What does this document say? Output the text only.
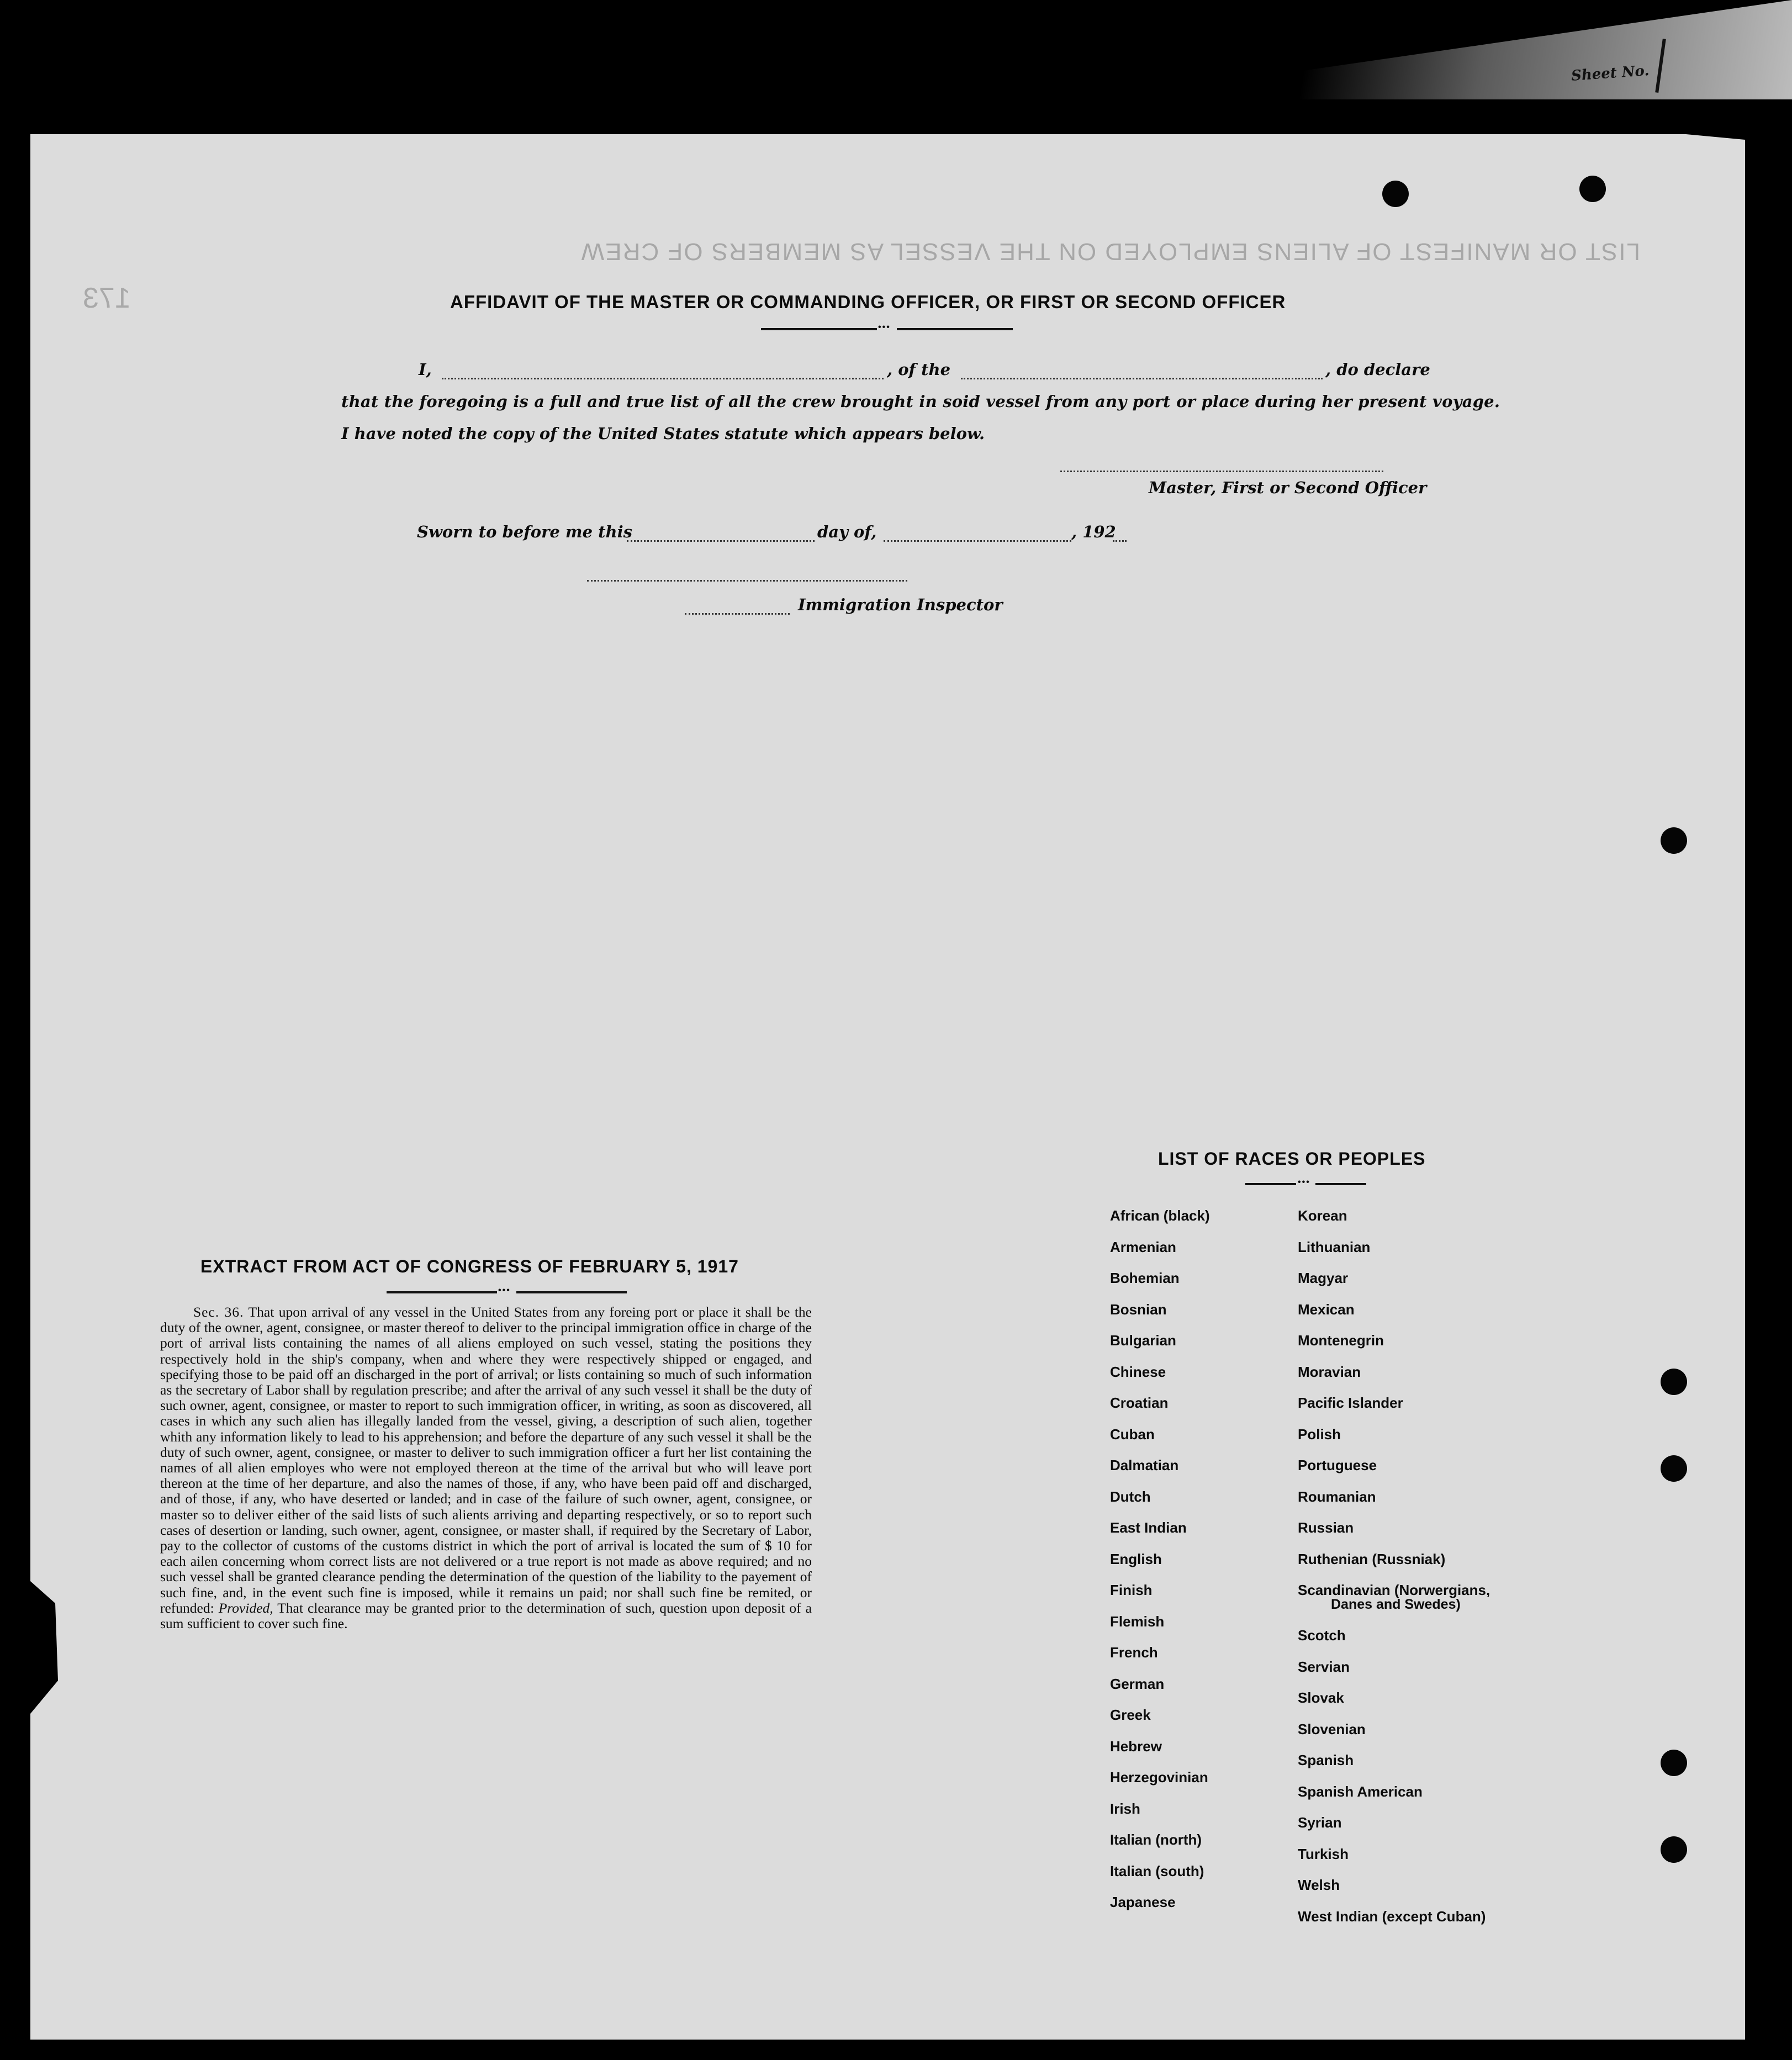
Sheet No.
LIST OR MANIFEST OF ALIENS EMPLOYED ON THE VESSEL AS MEMBERS OF CREW
173	AFFIDAVIT OF THE MASTER OR COMMANDING OFFICER, OR FIRST OR SECOND OFFICER
•••
I,	, of the	, do declare
that the foregoing is a full and true list of all the crew brought in soid vessel from any port or place during her present voyage.
I have noted the copy of the United States statute which appears below.
Master, First or Second Officer
Sworn to before me this	day of,	, 192
Immigration Inspector
EXTRACT FROM ACT OF CONGRESS OF FEBRUARY 5, 1917
•••
Sec. 36. That upon arrival of any vessel in the United States from any foreing port or place it shall be the duty of the owner, agent, consignee, or master thereof to deliver to the principal immigration office in charge of the port of arrival lists containing the names of all aliens employed on such vessel, stating the positions they respectively hold in the ship's company, when and where they were respectively shipped or engaged, and specifying those to be paid off an discharged in the port of arrival; or lists containing so much of such information as the secretary of Labor shall by regulation prescribe; and after the arrival of any such vessel it shall be the duty of such owner, agent, consignee, or master to report to such immigration officer, in writing, as soon as discovered, all cases in which any such alien has illegally landed from the vessel, giving, a description of such alien, together whith any information likely to lead to his apprehension; and before the departure of any such vessel it shall be the duty of such owner, agent, consignee, or master to deliver to such immigration officer a furt her list containing the names of all alien employes who were not employed thereon at the time of the arrival but who will leave port thereon at the time of her departure, and also the names of those, if any, who have been paid off and discharged, and of those, if any, who have deserted or landed; and in case of the failure of such owner, agent, consignee, or master so to deliver either of the said lists of such alients arriving and departing respectively, or so to report such cases of desertion or landing, such owner, agent, consignee, or master shall, if required by the Secretary of Labor, pay to the collector of customs of the customs district in which the port of arrival is located the sum of $ 10 for each ailen concerning whom correct lists are not delivered or a true report is not made as above required; and no such vessel shall be granted clearance pending the determination of the question of the liability to the payement of such fine, and, in the event such fine is imposed, while it remains un paid; nor shall such fine be remited, or refunded: Provided, That clearance may be granted prior to the determination of such, question upon deposit of a sum sufficient to cover such fine.
LIST OF RACES OR PEOPLES
•••
African (black)
Armenian
Bohemian
Bosnian
Bulgarian
Chinese
Croatian
Cuban
Dalmatian
Dutch
East Indian
English
Finish
Flemish
French
German
Greek
Hebrew
Herzegovinian
Irish
Italian (north)
Italian (south)
Japanese
Korean
Lithuanian
Magyar
Mexican
Montenegrin
Moravian
Pacific Islander
Polish
Portuguese
Roumanian
Russian
Ruthenian (Russniak)
Scandinavian (Norwergians,
Danes and Swedes)
Scotch
Servian
Slovak
Slovenian
Spanish
Spanish American
Syrian
Turkish
Welsh
West Indian (except Cuban)
